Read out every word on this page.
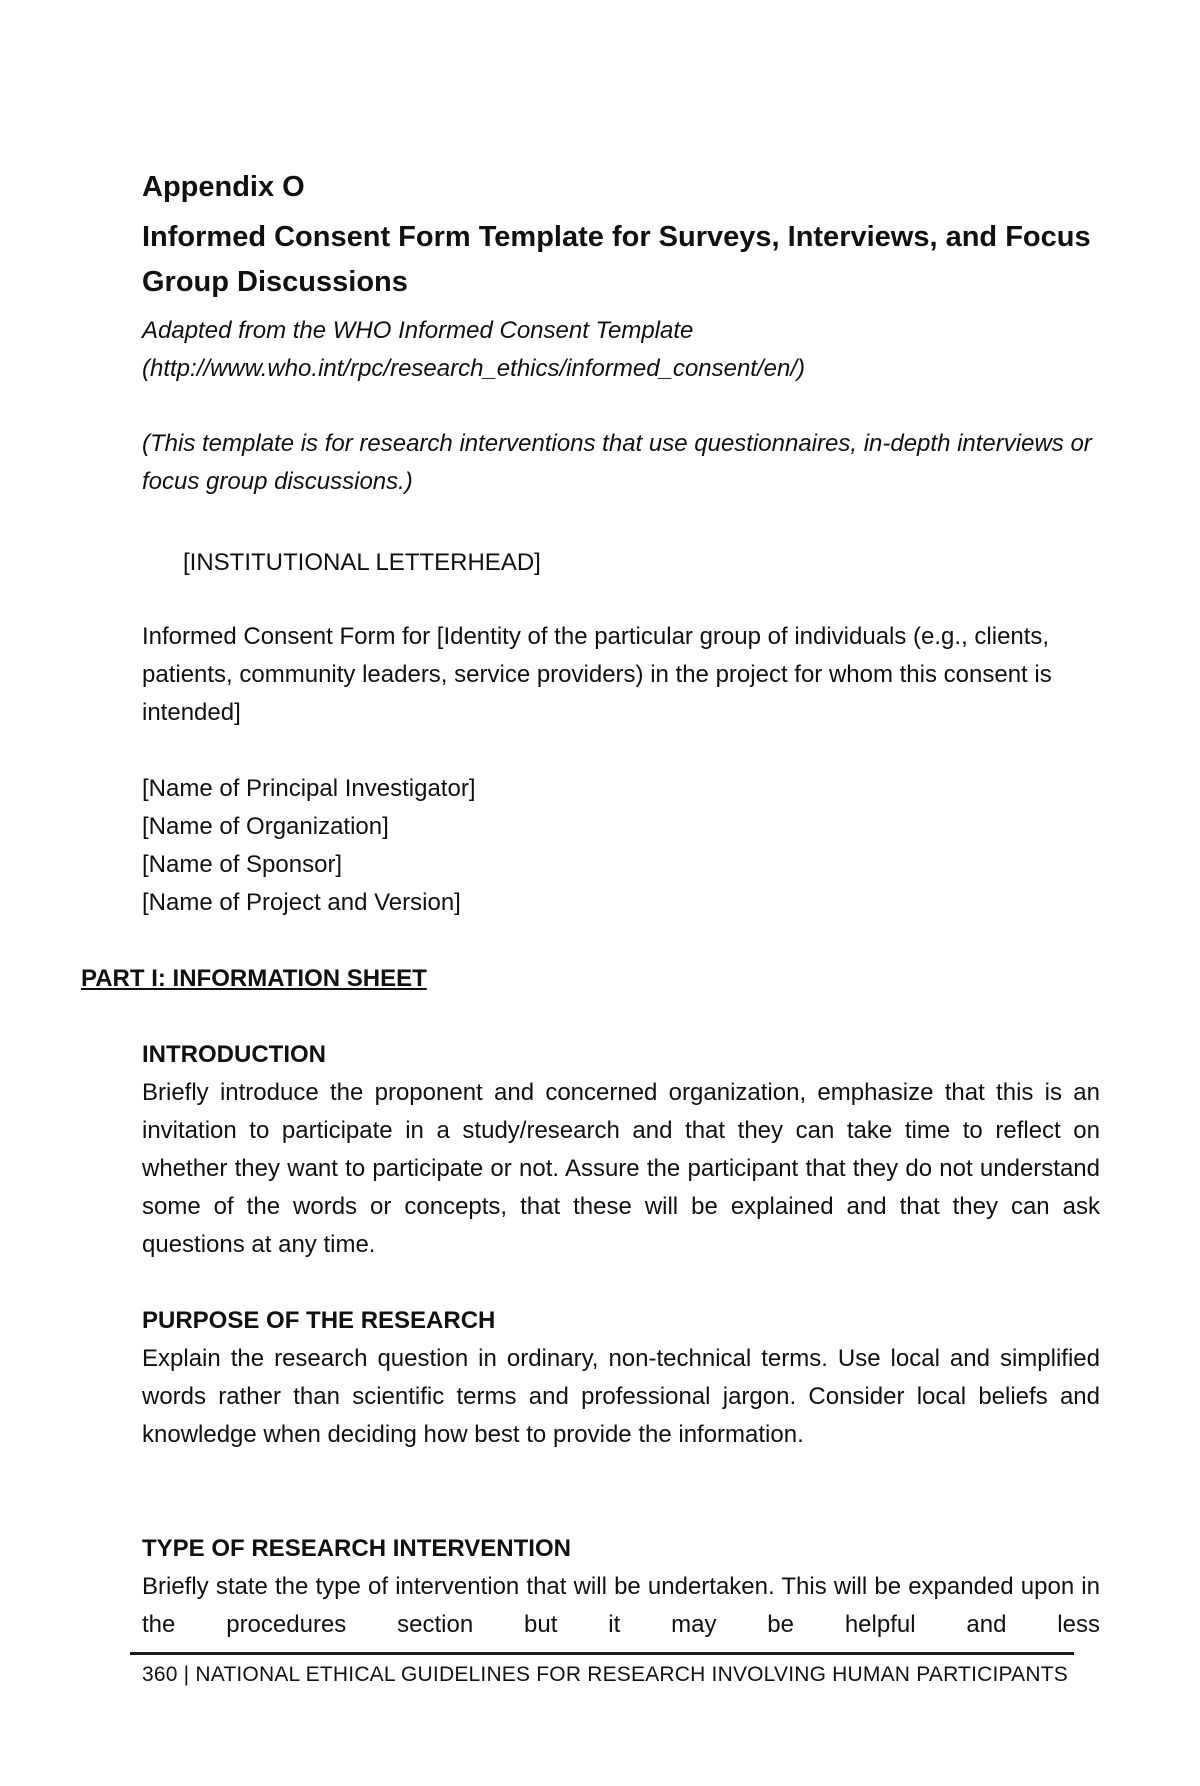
Appendix O
Informed Consent Form Template for Surveys, Interviews, and Focus Group Discussions
Adapted from the WHO Informed Consent Template
(http://www.who.int/rpc/research_ethics/informed_consent/en/)
(This template is for research interventions that use questionnaires, in-depth interviews or focus group discussions.)
[INSTITUTIONAL LETTERHEAD]
Informed Consent Form for [Identity of the particular group of individuals (e.g., clients, patients, community leaders, service providers) in the project for whom this consent is intended]
[Name of Principal Investigator]
[Name of Organization]
[Name of Sponsor]
[Name of Project and Version]
PART I: INFORMATION SHEET
INTRODUCTION
Briefly introduce the proponent and concerned organization, emphasize that this is an invitation to participate in a study/research and that they can take time to reflect on whether they want to participate or not. Assure the participant that they do not understand some of the words or concepts, that these will be explained and that they can ask questions at any time.
PURPOSE OF THE RESEARCH
Explain the research question in ordinary, non-technical terms. Use local and simplified words rather than scientific terms and professional jargon. Consider local beliefs and knowledge when deciding how best to provide the information.
TYPE OF RESEARCH INTERVENTION
Briefly state the type of intervention that will be undertaken. This will be expanded upon in the procedures section but it may be helpful and less
360 | NATIONAL ETHICAL GUIDELINES FOR RESEARCH INVOLVING HUMAN PARTICIPANTS
